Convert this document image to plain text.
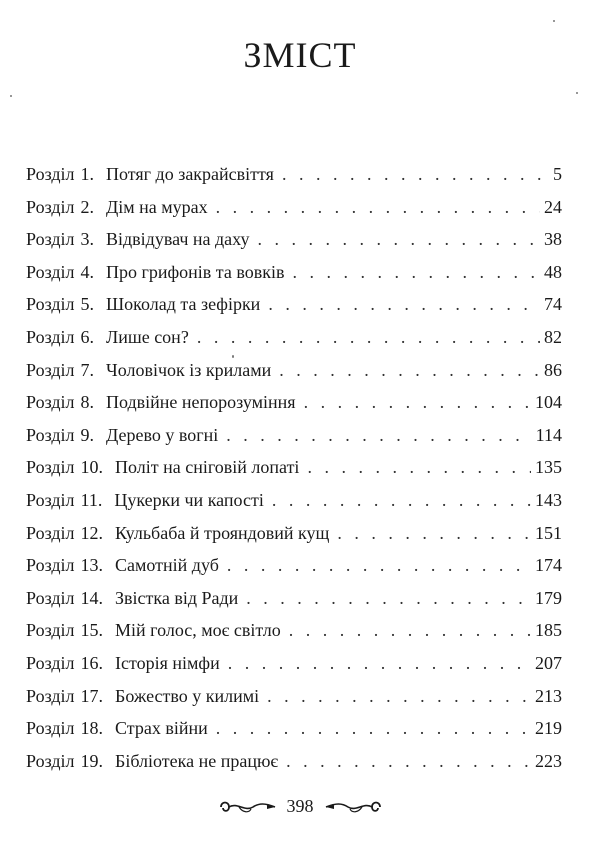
ЗМІСТ
Розділ 1. Потяг до закрайсвіття . . .	5
Розділ 2. Дім на мурах . . .	24
Розділ 3. Відвідувач на даху . . .	38
Розділ 4. Про грифонів та вовків . . .	48
Розділ 5. Шоколад та зефірки . . .	74
Розділ 6. Лише сон? . . .	82
Розділ 7. Чоловічок із крилами . . .	86
Розділ 8. Подвійне непорозуміння . . .	104
Розділ 9. Дерево у вогні . . .	114
Розділ 10. Політ на сніговій лопаті . . .	135
Розділ 11. Цукерки чи капості . . .	143
Розділ 12. Кульбаба й трояндовий кущ . . .	151
Розділ 13. Самотній дуб . . .	174
Розділ 14. Звістка від Ради . . .	179
Розділ 15. Мій голос, моє світло . . .	185
Розділ 16. Історія німфи . . .	207
Розділ 17. Божество у килимі . . .	213
Розділ 18. Страх війни . . .	219
Розділ 19. Бібліотека не працює . . .	223
398
